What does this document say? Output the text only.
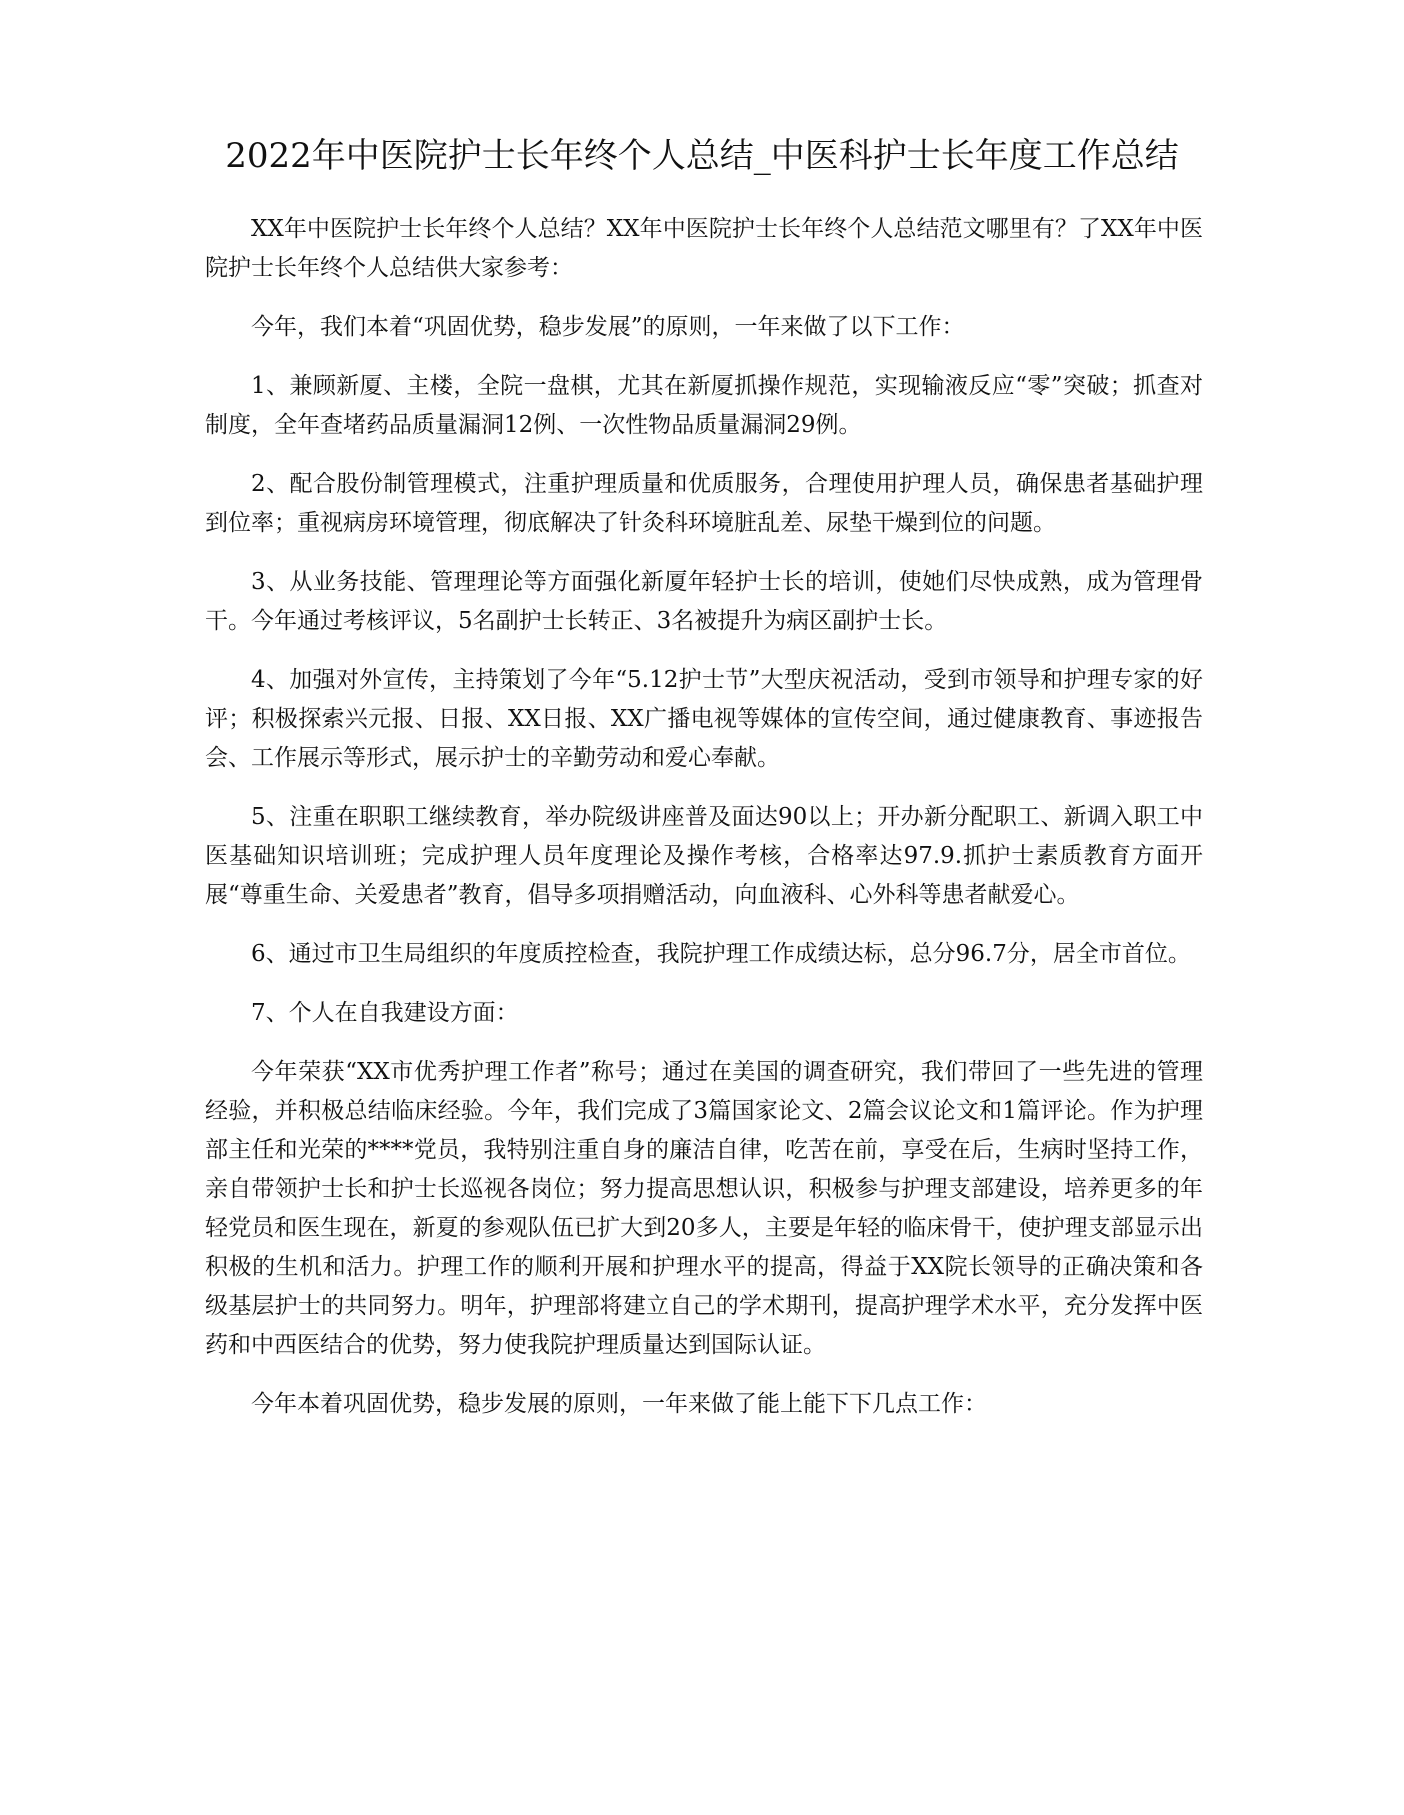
2022年中医院护士长年终个人总结_中医科护士长年度工作总结

XX年中医院护士长年终个人总结？XX年中医院护士长年终个人总结范文哪里有？了XX年中医院护士长年终个人总结供大家参考：

今年，我们本着“巩固优势，稳步发展”的原则，一年来做了以下工作：

1、兼顾新厦、主楼，全院一盘棋，尤其在新厦抓操作规范，实现输液反应“零”突破；抓查对制度，全年查堵药品质量漏洞12例、一次性物品质量漏洞29例。

2、配合股份制管理模式，注重护理质量和优质服务，合理使用护理人员，确保患者基础护理到位率；重视病房环境管理，彻底解决了针灸科环境脏乱差、尿垫干燥到位的问题。

3、从业务技能、管理理论等方面强化新厦年轻护士长的培训，使她们尽快成熟，成为管理骨干。今年通过考核评议，5名副护士长转正、3名被提升为病区副护士长。

4、加强对外宣传，主持策划了今年“5.12护士节”大型庆祝活动，受到市领导和护理专家的好评；积极探索兴元报、日报、XX日报、XX广播电视等媒体的宣传空间，通过健康教育、事迹报告会、工作展示等形式，展示护士的辛勤劳动和爱心奉献。

5、注重在职职工继续教育，举办院级讲座普及面达90以上；开办新分配职工、新调入职工中医基础知识培训班；完成护理人员年度理论及操作考核，合格率达97.9.抓护士素质教育方面开展“尊重生命、关爱患者”教育，倡导多项捐赠活动，向血液科、心外科等患者献爱心。

6、通过市卫生局组织的年度质控检查，我院护理工作成绩达标，总分96.7分，居全市首位。

7、个人在自我建设方面：

今年荣获“XX市优秀护理工作者”称号；通过在美国的调查研究，我们带回了一些先进的管理经验，并积极总结临床经验。今年，我们完成了3篇国家论文、2篇会议论文和1篇评论。作为护理部主任和光荣的****党员，我特别注重自身的廉洁自律，吃苦在前，享受在后，生病时坚持工作，亲自带领护士长和护士长巡视各岗位；努力提高思想认识，积极参与护理支部建设，培养更多的年轻党员和医生现在，新夏的参观队伍已扩大到20多人，主要是年轻的临床骨干，使护理支部显示出积极的生机和活力。护理工作的顺利开展和护理水平的提高，得益于XX院长领导的正确决策和各级基层护士的共同努力。明年，护理部将建立自己的学术期刊，提高护理学术水平，充分发挥中医药和中西医结合的优势，努力使我院护理质量达到国际认证。

今年本着巩固优势，稳步发展的原则，一年来做了能上能下下几点工作：
